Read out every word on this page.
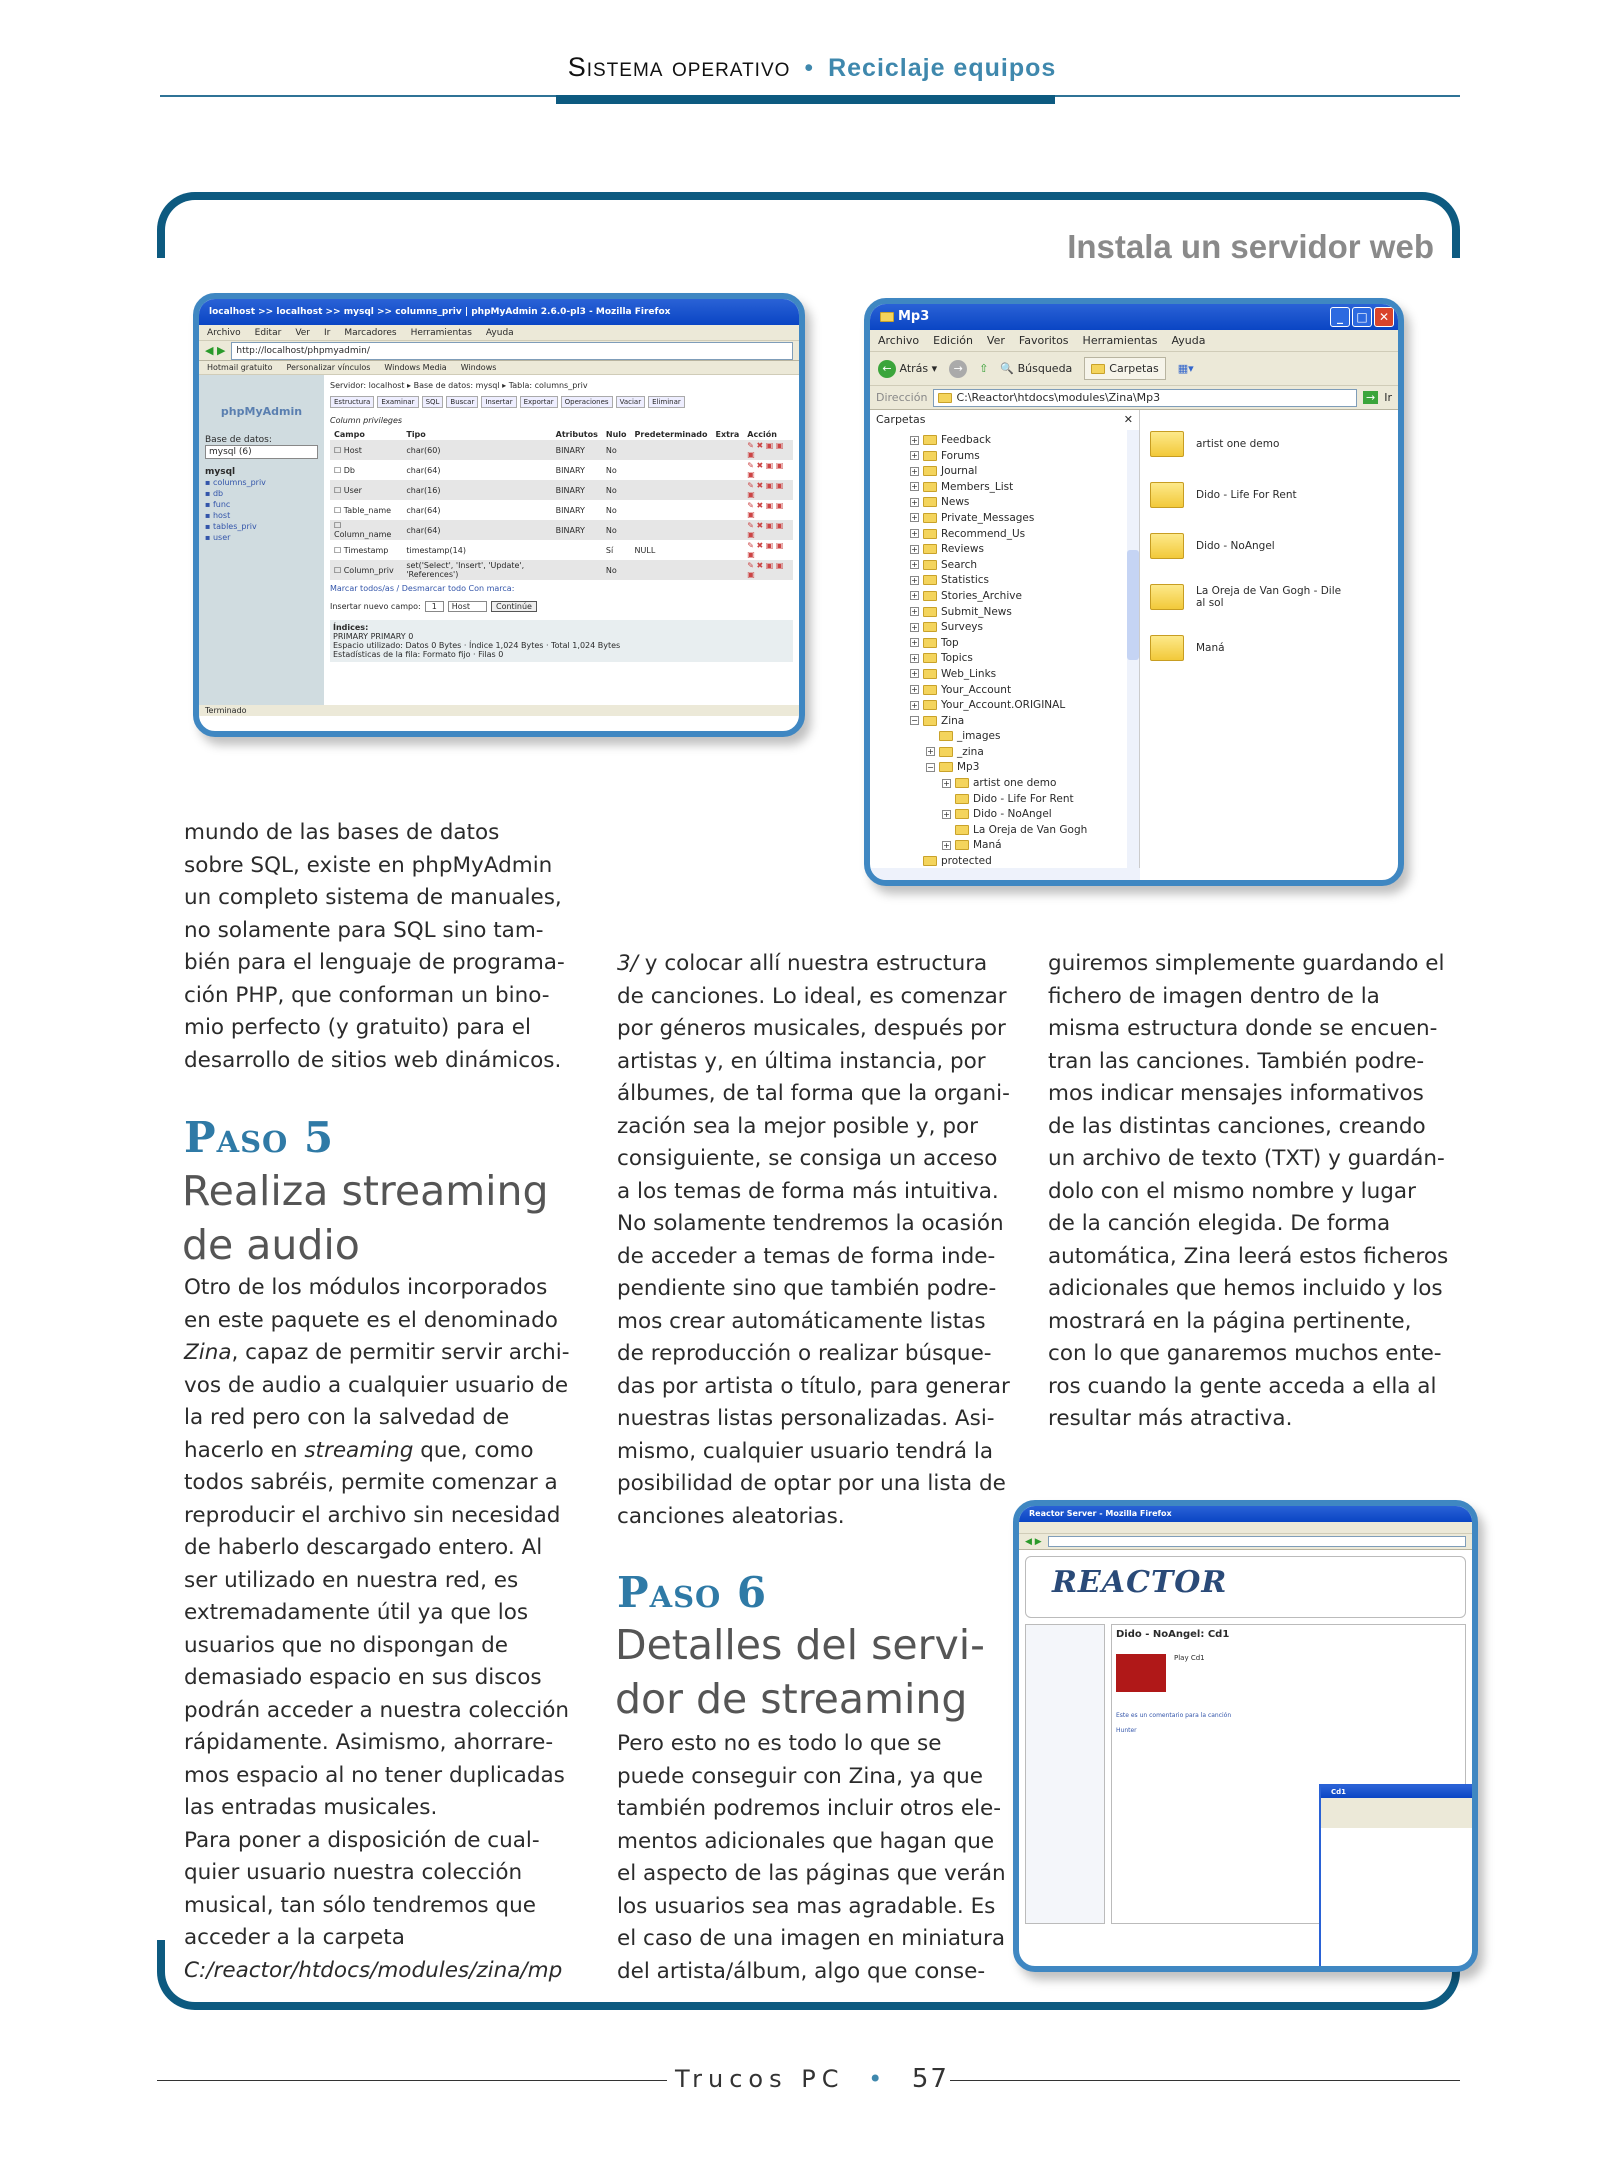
Sistema operativo • Reciclaje equipos
Instala un servidor web
localhost >> localhost >> mysql >> columns_priv | phpMyAdmin 2.6.0-pl3 - Mozilla Firefox
Archivo Editar Ver Ir Marcadores Herramientas Ayuda
◀ ▶	http://localhost/phpmyadmin/
Hotmail gratuito Personalizar vínculos Windows Media Windows
phpMyAdmin
Base de datos:
mysql (6)
mysql
▪ columns_priv
▪ db
▪ func
▪ host
▪ tables_priv
▪ user
Servidor: localhost ▸ Base de datos: mysql ▸ Tabla: columns_priv
Estructura	Examinar	SQL	Buscar	Insertar	Exportar	Operaciones	Vaciar	Eliminar
Column privileges
Campo	Tipo	Atributos	Nulo	Predeterminado	Extra	Acción
☐ Host	char(60)	BINARY	No			✎ ✖ ▣ ▣ ▣
☐ Db	char(64)	BINARY	No			✎ ✖ ▣ ▣ ▣
☐ User	char(16)	BINARY	No			✎ ✖ ▣ ▣ ▣
☐ Table_name	char(64)	BINARY	No			✎ ✖ ▣ ▣ ▣
☐ Column_name	char(64)	BINARY	No			✎ ✖ ▣ ▣ ▣
☐ Timestamp	timestamp(14)		Sí	NULL		✎ ✖ ▣ ▣ ▣
☐ Column_priv	set('Select', 'Insert', 'Update', 'References')		No			✎ ✖ ▣ ▣ ▣
Marcar todos/as / Desmarcar todo Con marca:
Insertar nuevo campo:	1	Host	Continúe
Índices:
PRIMARY PRIMARY 0
Espacio utilizado: Datos 0 Bytes · Índice 1,024 Bytes · Total 1,024 Bytes
Estadísticas de la fila: Formato fijo · Filas 0
Terminado
Mp3	_	□ ✕
Archivo Edición Ver Favoritos Herramientas Ayuda
← Atrás ▾	→	⇧ 🔍 Búsqueda	Carpetas	▦▾
Dirección	C:\Reactor\htdocs\modules\Zina\Mp3	→ Ir
Carpetas	✕
+ Feedback
+ Forums
+ Journal
+ Members_List
+ News
+ Private_Messages
+ Recommend_Us
+ Reviews
+ Search
+ Statistics
+ Stories_Archive
+ Submit_News
+ Surveys
+ Top
+ Topics
+ Web_Links
+ Your_Account
+ Your_Account.ORIGINAL
− Zina
_images
+ _zina
− Mp3
+ artist one demo
Dido - Life For Rent
+ Dido - NoAngel
La Oreja de Van Gogh
+ Maná
protected
artist one demo
Dido - Life For Rent
Dido - NoAngel
La Oreja de Van Gogh - Dile al sol
Maná
Reactor Server - Mozilla Firefox
◀ ▶
REACTOR
Dido - NoAngel: Cd1
Play Cd1
Este es un comentario para la canción
Hunter
Cd1
mundo de las bases de datos
sobre SQL, existe en phpMyAdmin
un completo sistema de manuales,
no solamente para SQL sino tam-
bién para el lenguaje de programa-
ción PHP, que conforman un bino-
mio perfecto (y gratuito) para el
desarrollo de sitios web dinámicos.
Paso 5
Realiza streaming
de audio
Otro de los módulos incorporados
en este paquete es el denominado
Zina, capaz de permitir servir archi-
vos de audio a cualquier usuario de
la red pero con la salvedad de
hacerlo en streaming que, como
todos sabréis, permite comenzar a
reproducir el archivo sin necesidad
de haberlo descargado entero. Al
ser utilizado en nuestra red, es
extremadamente útil ya que los
usuarios que no dispongan de
demasiado espacio en sus discos
podrán acceder a nuestra colección
rápidamente. Asimismo, ahorrare-
mos espacio al no tener duplicadas
las entradas musicales.
Para poner a disposición de cual-
quier usuario nuestra colección
musical, tan sólo tendremos que
acceder a la carpeta
C:/reactor/htdocs/modules/zina/mp
3/ y colocar allí nuestra estructura
de canciones. Lo ideal, es comenzar
por géneros musicales, después por
artistas y, en última instancia, por
álbumes, de tal forma que la organi-
zación sea la mejor posible y, por
consiguiente, se consiga un acceso
a los temas de forma más intuitiva.
No solamente tendremos la ocasión
de acceder a temas de forma inde-
pendiente sino que también podre-
mos crear automáticamente listas
de reproducción o realizar búsque-
das por artista o título, para generar
nuestras listas personalizadas. Asi-
mismo, cualquier usuario tendrá la
posibilidad de optar por una lista de
canciones aleatorias.
Paso 6
Detalles del servi-
dor de streaming
Pero esto no es todo lo que se
puede conseguir con Zina, ya que
también podremos incluir otros ele-
mentos adicionales que hagan que
el aspecto de las páginas que verán
los usuarios sea mas agradable. Es
el caso de una imagen en miniatura
del artista/álbum, algo que conse-
guiremos simplemente guardando el
fichero de imagen dentro de la
misma estructura donde se encuen-
tran las canciones. También podre-
mos indicar mensajes informativos
de las distintas canciones, creando
un archivo de texto (TXT) y guardán-
dolo con el mismo nombre y lugar
de la canción elegida. De forma
automática, Zina leerá estos ficheros
adicionales que hemos incluido y los
mostrará en la página pertinente,
con lo que ganaremos muchos ente-
ros cuando la gente acceda a ella al
resultar más atractiva.
Trucos PC • 57
